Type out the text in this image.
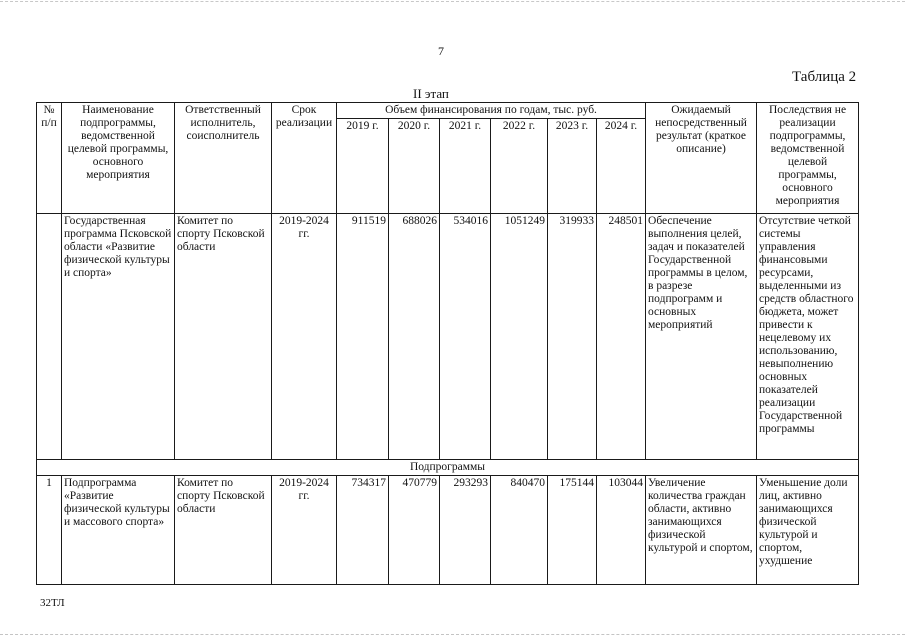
7
Таблица 2
II этап
№ п/п	Наименование подпрограммы, ведомственной целевой программы, основного мероприятия	Ответственный исполнитель, соисполнитель	Срок реализации	Объем финансирования по годам, тыс. руб.						Ожидаемый непосредственный результат (краткое описание)	Последствия не реализации подпрограммы, ведомственной целевой программы, основного мероприятия
				2019 г.	2020 г.	2021 г.	2022 г.	2023 г.	2024 г.		
	Государственная программа Псковской области «Развитие физической культуры и спорта»	Комитет по спорту Псковской области	2019-2024 гг.	911519	688026	534016	1051249	319933	248501	Обеспечение выполнения целей, задач и показателей Государственной программы в целом, в разрезе подпрограмм и основных мероприятий	Отсутствие четкой системы управления финансовыми ресурсами, выделенными из средств областного бюджета, может привести к нецелевому их использованию, невыполнению основных показателей реализации Государственной программы
Подпрограммы											
1	Подпрограмма «Развитие физической культуры и массового спорта»	Комитет по спорту Псковской области	2019-2024 гг.	734317	470779	293293	840470	175144	103044	Увеличение количества граждан области, активно занимающихся физической культурой и спортом,	Уменьшение доли лиц, активно занимающихся физической культурой и спортом, ухудшение
32ТЛ
